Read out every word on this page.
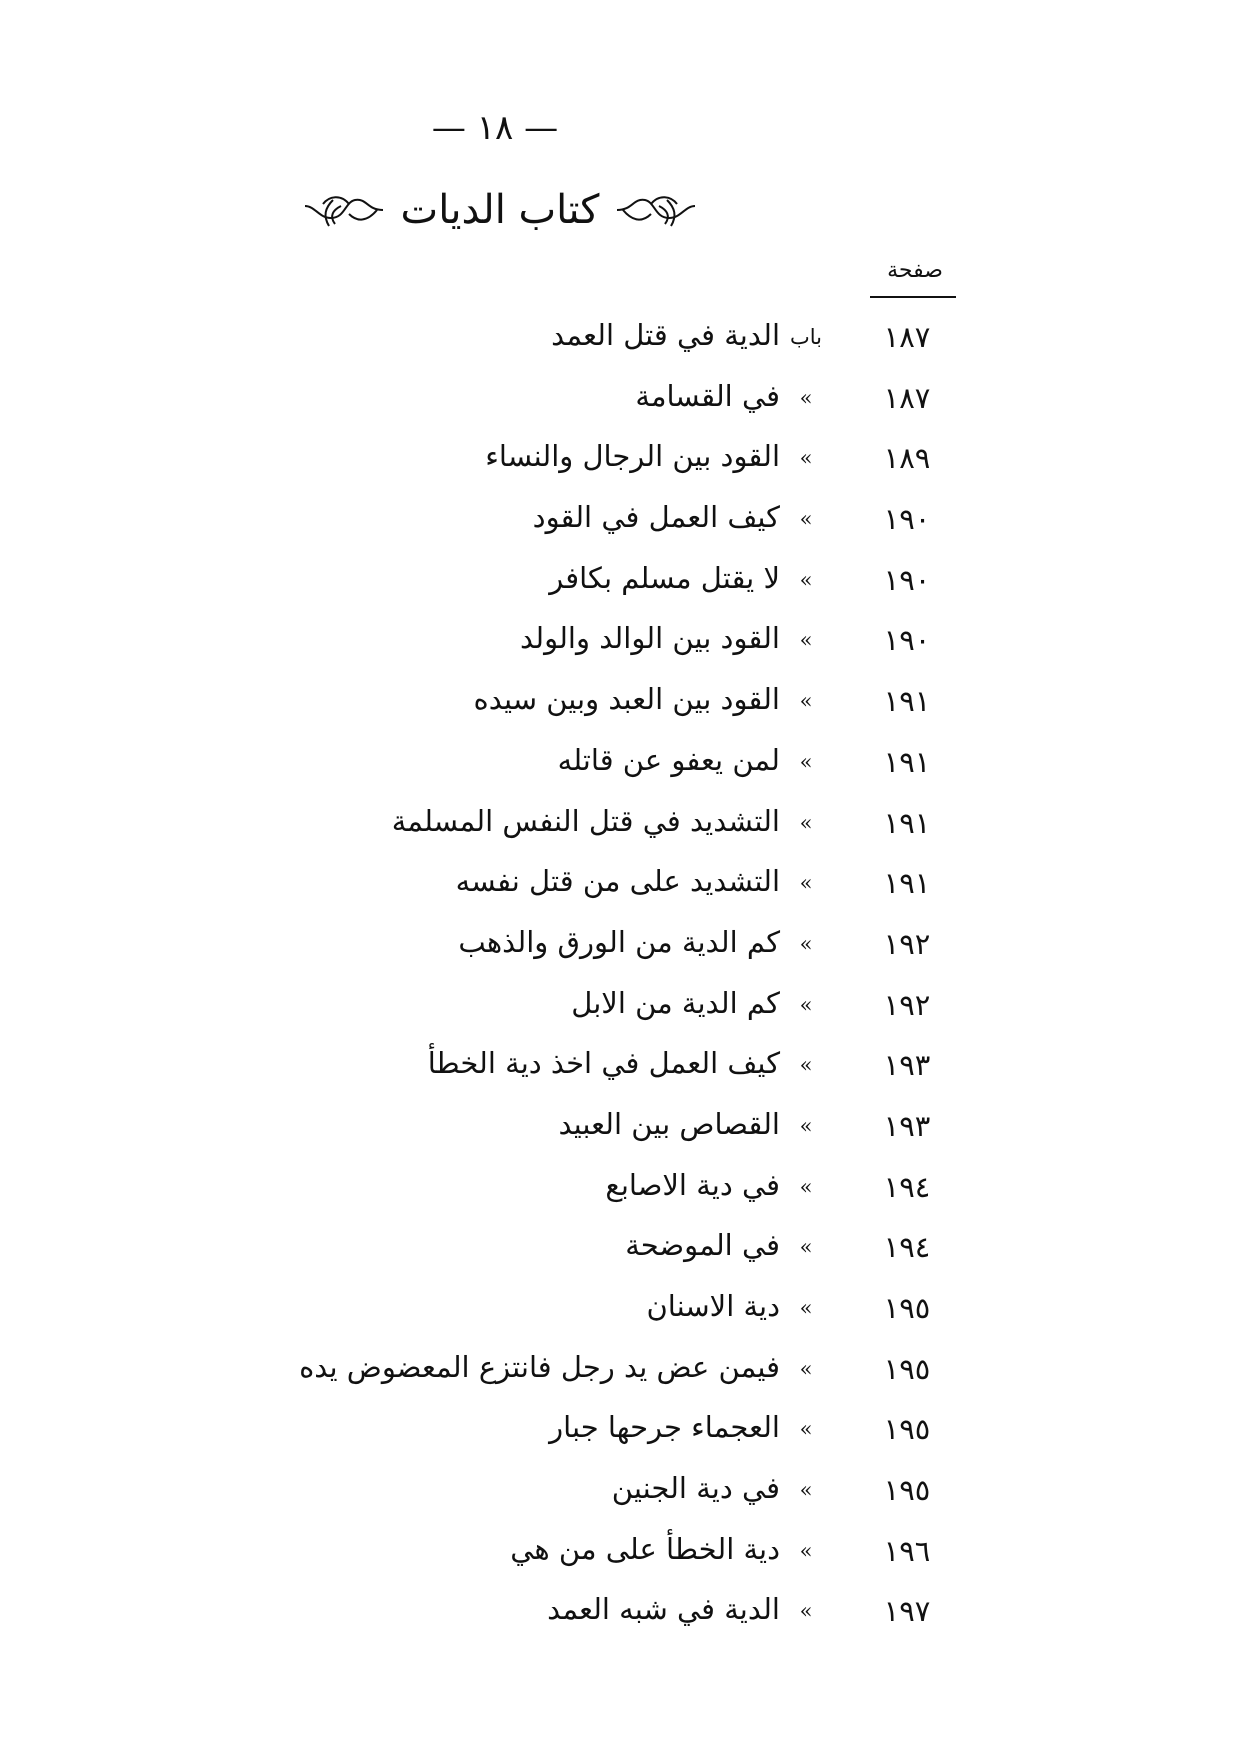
— ١٨ —
كتاب الديات
صفحة
١٨٧
باب
الدية في قتل العمد
١٨٧
»
في القسامة
١٨٩
»
القود بين الرجال والنساء
١٩٠
»
كيف العمل في القود
١٩٠
»
لا يقتل مسلم بكافر
١٩٠
»
القود بين الوالد والولد
١٩١
»
القود بين العبد وبين سيده
١٩١
»
لمن يعفو عن قاتله
١٩١
»
التشديد في قتل النفس المسلمة
١٩١
»
التشديد على من قتل نفسه
١٩٢
»
كم الدية من الورق والذهب
١٩٢
»
كم الدية من الابل
١٩٣
»
كيف العمل في اخذ دية الخطأ
١٩٣
»
القصاص بين العبيد
١٩٤
»
في دية الاصابع
١٩٤
»
في الموضحة
١٩٥
»
دية الاسنان
١٩٥
»
فيمن عض يد رجل فانتزع المعضوض يده
١٩٥
»
العجماء جرحها جبار
١٩٥
»
في دية الجنين
١٩٦
»
دية الخطأ على من هي
١٩٧
»
الدية في شبه العمد
